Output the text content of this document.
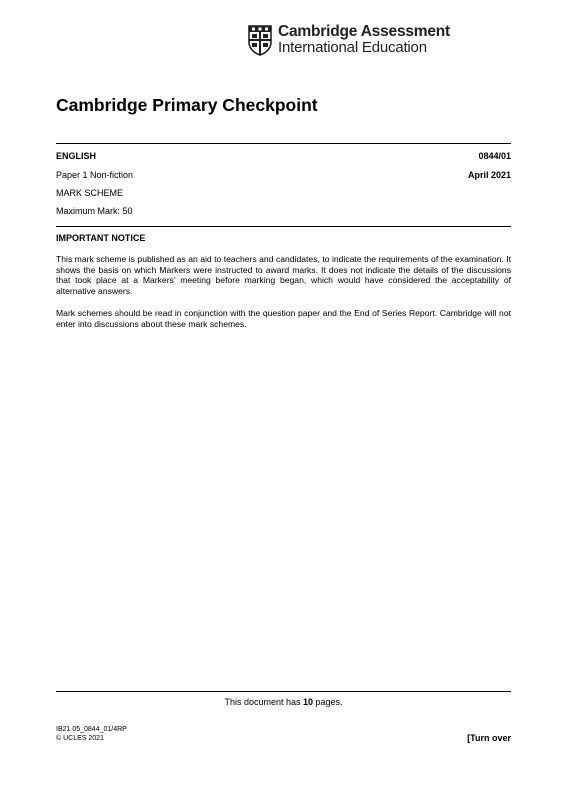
Cambridge Assessment
International Education
Cambridge Primary Checkpoint
ENGLISH	0844/01
Paper 1 Non-fiction	April 2021
MARK SCHEME
Maximum Mark: 50
IMPORTANT NOTICE

This mark scheme is published as an aid to teachers and candidates, to indicate the requirements of the examination. It shows the basis on which Markers were instructed to award marks. It does not indicate the details of the discussions that took place at a Markers’ meeting before marking began, which would have considered the acceptability of alternative answers.

Mark schemes should be read in conjunction with the question paper and the End of Series Report. Cambridge will not enter into discussions about these mark schemes.

This document has 10 pages.
IB21 05_0844_01/4RP
© UCLES 2021	[Turn over
